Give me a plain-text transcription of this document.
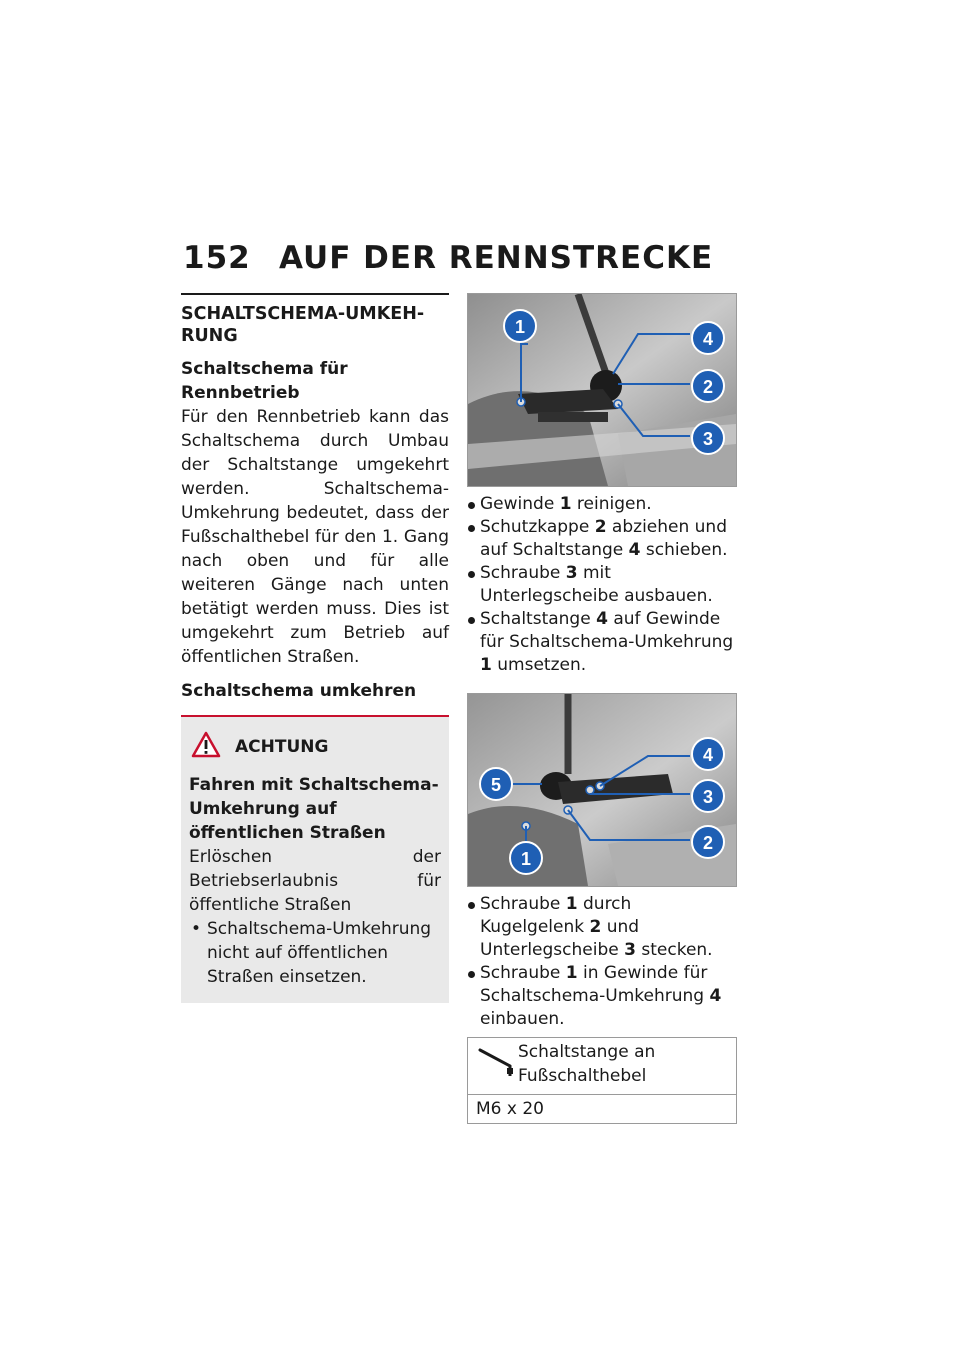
152 AUF DER RENNSTRECKE
SCHALTSCHEMA-UMKEH-RUNG
Schaltschema für Rennbetrieb
Für den Rennbetrieb kann das Schaltschema durch Umbau der Schaltstange umgekehrt werden. Schaltschema-Umkehrung bedeutet, dass der Fußschalthebel für den 1. Gang nach oben und für alle weiteren Gänge nach unten betätigt werden muss. Dies ist umgekehrt zum Betrieb auf öffentlichen Straßen.
Schaltschema umkehren
ACHTUNG
Fahren mit Schaltschema-Umkehrung auf öffentlichen Straßen
Erlöschen der Betriebserlaubnis für öffentliche Straßen
• Schaltschema-Umkehrung nicht auf öffentlichen Straßen einsetzen.
1
4
2
3
Gewinde 1 reinigen.
Schutzkappe 2 abziehen und auf Schaltstange 4 schieben.
Schraube 3 mit Unterlegscheibe ausbauen.
Schaltstange 4 auf Gewinde für Schaltschema-Umkehrung 1 umsetzen.
4
5
3
2
1
Schraube 1 durch Kugelgelenk 2 und Unterlegscheibe 3 stecken.
Schraube 1 in Gewinde für Schaltschema-Umkehrung 4 einbauen.
Schaltstange an Fußschalthebel
M6 x 20
